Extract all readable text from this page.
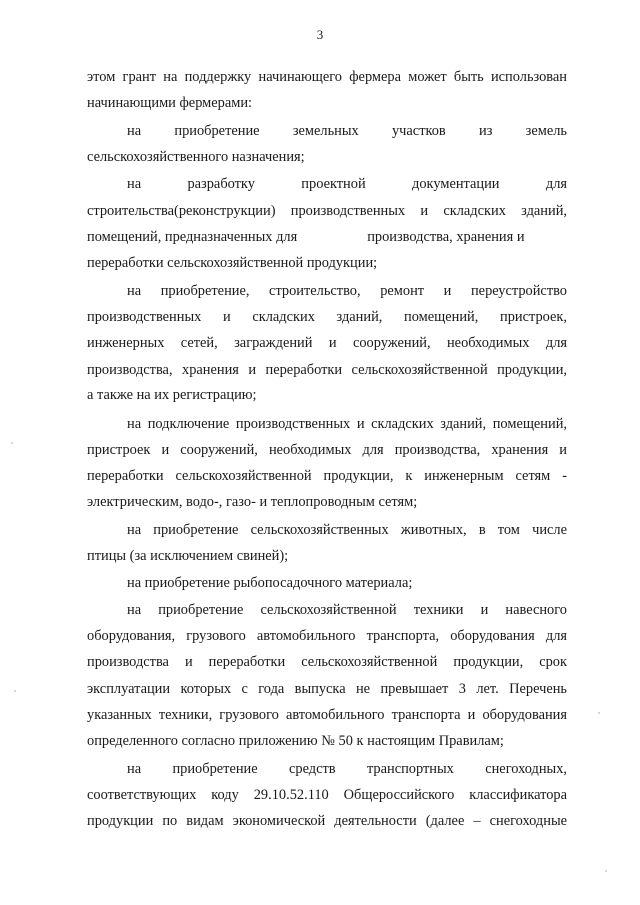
3
этом грант на поддержку начинающего фермера может быть использован
начинающими фермерами:
на приобретение земельных участков из земель
сельскохозяйственного назначения;
на разработку проектной документации для
строительства(реконструкции) производственных и складских зданий,
помещений, предназначенных для	производства, хранения и
переработки сельскохозяйственной продукции;
на приобретение, строительство, ремонт и переустройство
производственных и складских зданий, помещений, пристроек,
инженерных сетей, заграждений и сооружений, необходимых для
производства, хранения и переработки сельскохозяйственной продукции,
а также на их регистрацию;
на подключение производственных и складских зданий, помещений,
пристроек и сооружений, необходимых для производства, хранения и
переработки сельскохозяйственной продукции, к инженерным сетям -
электрическим, водо-, газо- и теплопроводным сетям;
на приобретение сельскохозяйственных животных, в том числе
птицы (за исключением свиней);
на приобретение рыбопосадочного материала;
на приобретение сельскохозяйственной техники и навесного
оборудования, грузового автомобильного транспорта, оборудования для
производства и переработки сельскохозяйственной продукции, срок
эксплуатации которых с года выпуска не превышает 3 лет. Перечень
указанных техники, грузового автомобильного транспорта и оборудования
определенного согласно приложению № 50 к настоящим Правилам;
на приобретение средств транспортных снегоходных,
соответствующих коду 29.10.52.110 Общероссийского классификатора
продукции по видам экономической деятельности (далее – снегоходные
